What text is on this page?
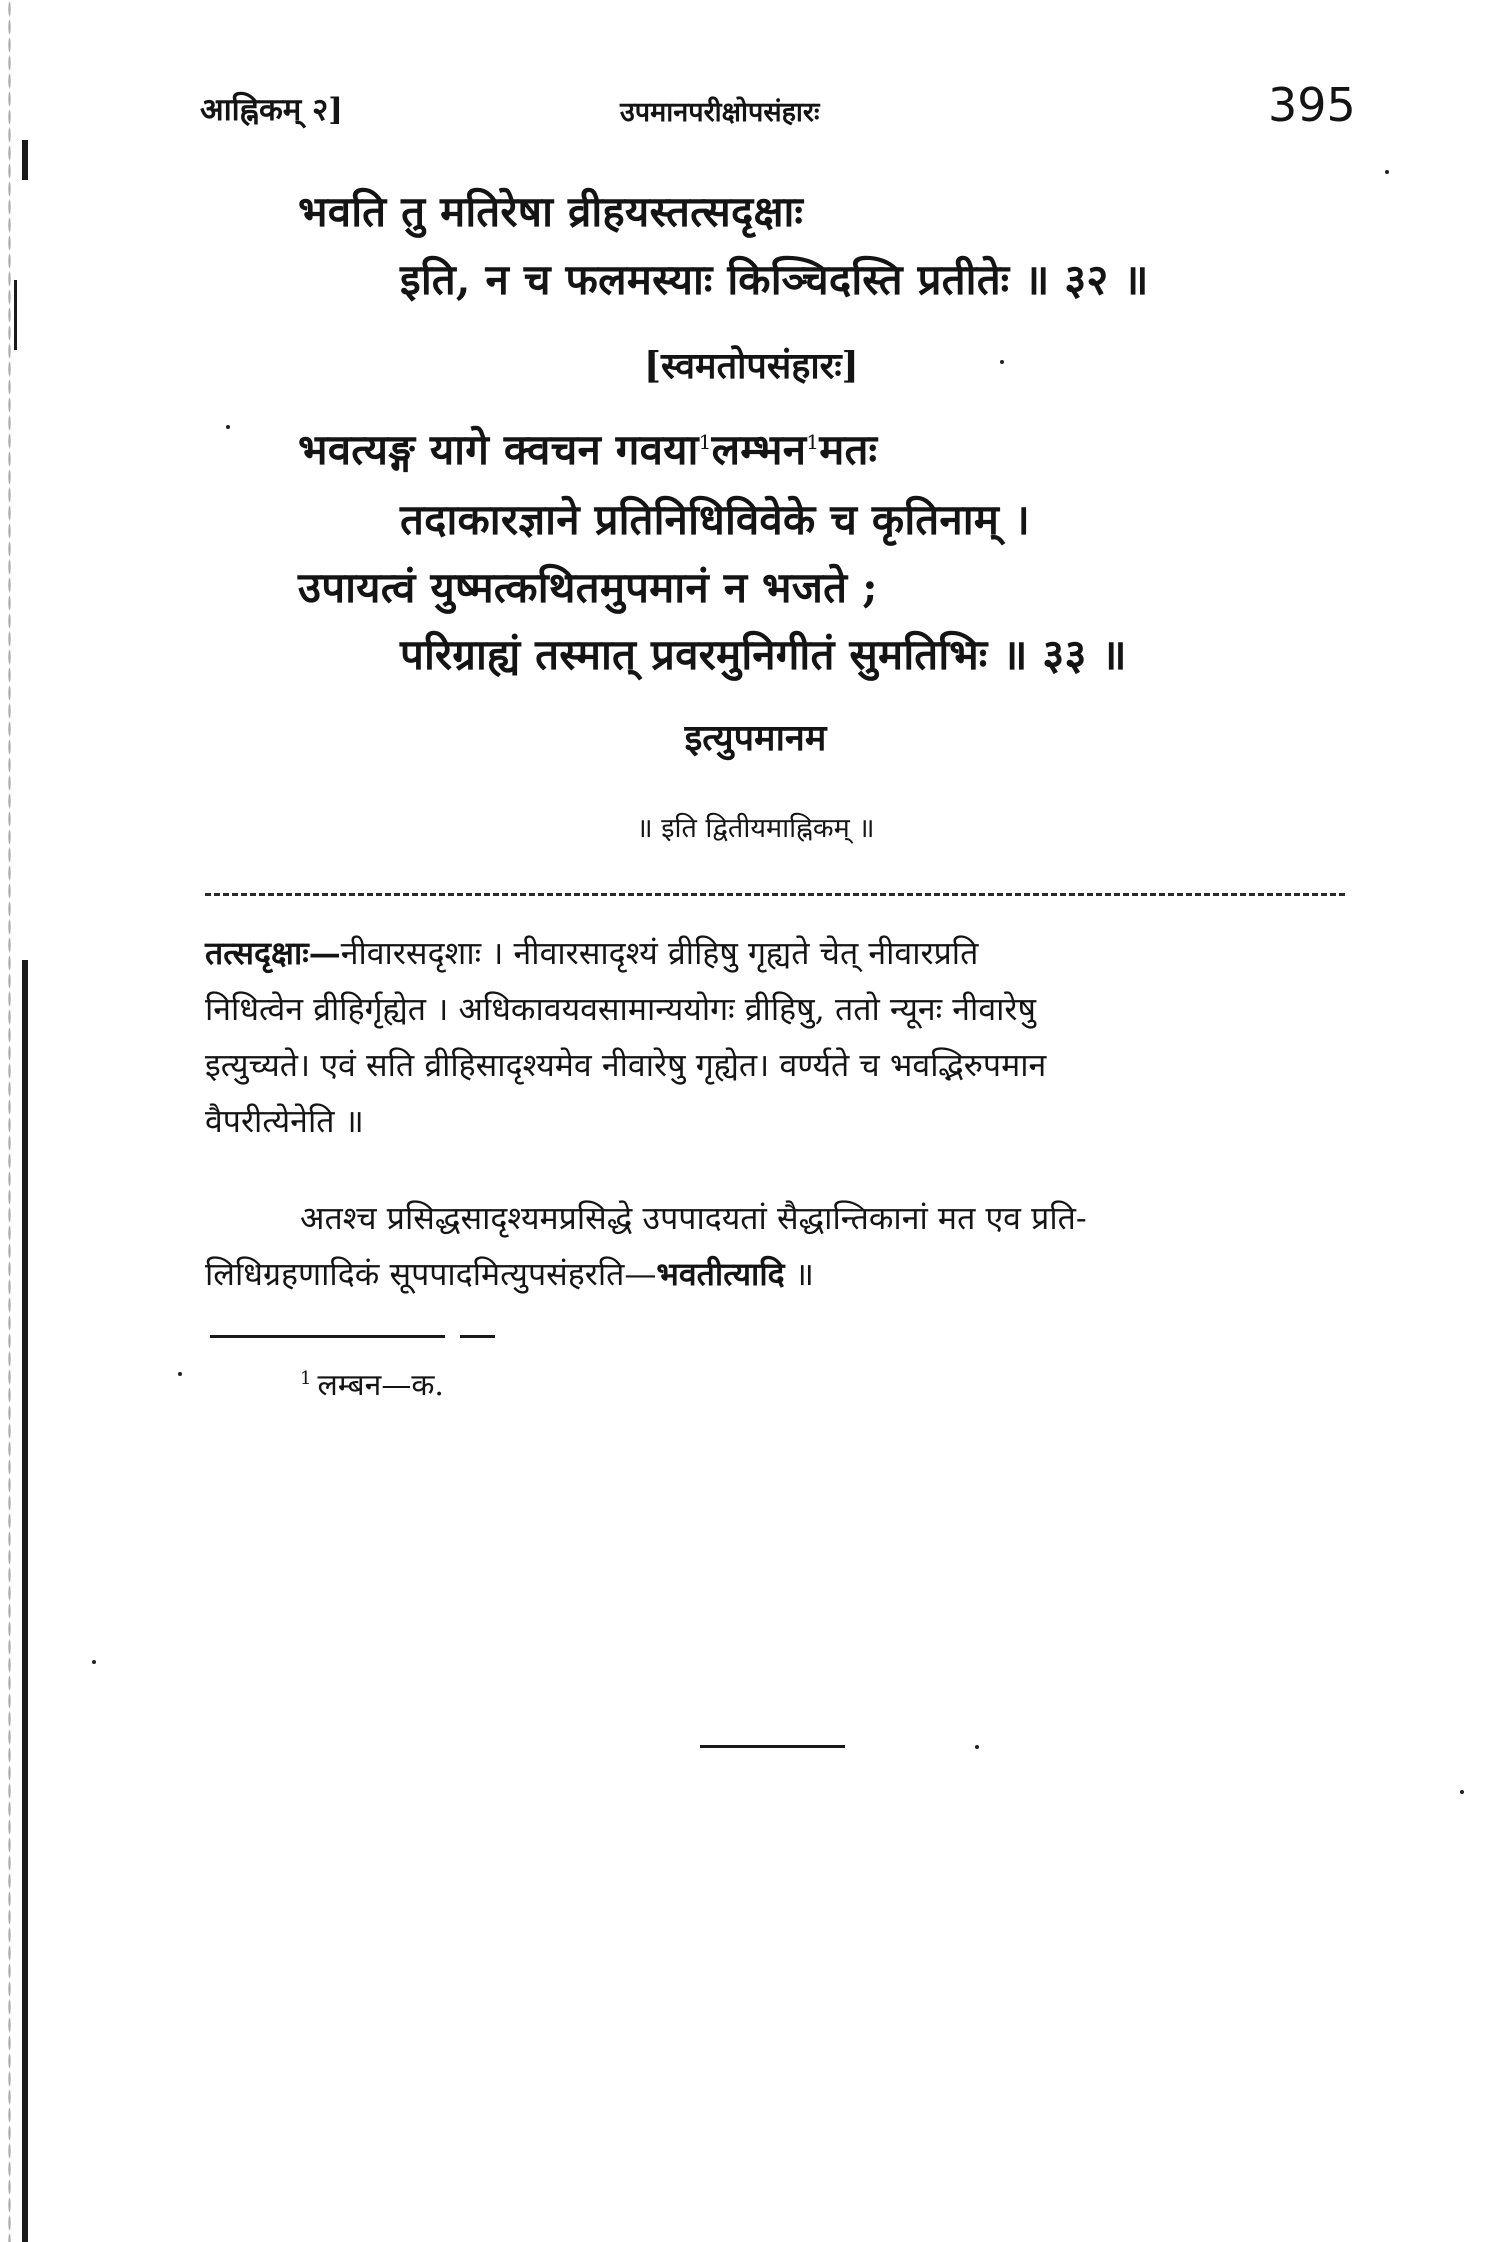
आह्निकम् २]	उपमानपरीक्षोपसंहारः	395
भवति तु मतिरेषा व्रीहयस्तत्सदृक्षाः
इति, न च फलमस्याः किञ्चिदस्ति प्रतीतेः ॥ ३२ ॥
[स्वमतोपसंहारः]
भवत्यङ्ग यागे क्वचन गवया$^1$लम्भन$^1$मतः
तदाकारज्ञाने प्रतिनिधिविवेके च कृतिनाम् ।
उपायत्वं युष्मत्कथितमुपमानं न भजते ;
परिग्राह्यं तस्मात् प्रवरमुनिगीतं सुमतिभिः ॥ ३३ ॥
इत्युपमानम
॥ इति द्वितीयमाह्निकम् ॥
तत्सदृक्षाः—नीवारसदृशाः । नीवारसादृश्यं व्रीहिषु गृह्यते चेत् नीवारप्रति
निधित्वेन व्रीहिर्गृह्येत । अधिकावयवसामान्ययोगः व्रीहिषु, ततो न्यूनः नीवारेषु
इत्युच्यते। एवं सति व्रीहिसादृश्यमेव नीवारेषु गृह्येत। वर्ण्यते च भवद्भिरुपमान
वैपरीत्येनेति ॥
अतश्च प्रसिद्धसादृश्यमप्रसिद्धे उपपादयतां सैद्धान्तिकानां मत एव प्रति-
लिधिग्रहणादिकं सूपपादमित्युपसंहरति—भवतीत्यादि ॥
$^1$ लम्बन—क.
